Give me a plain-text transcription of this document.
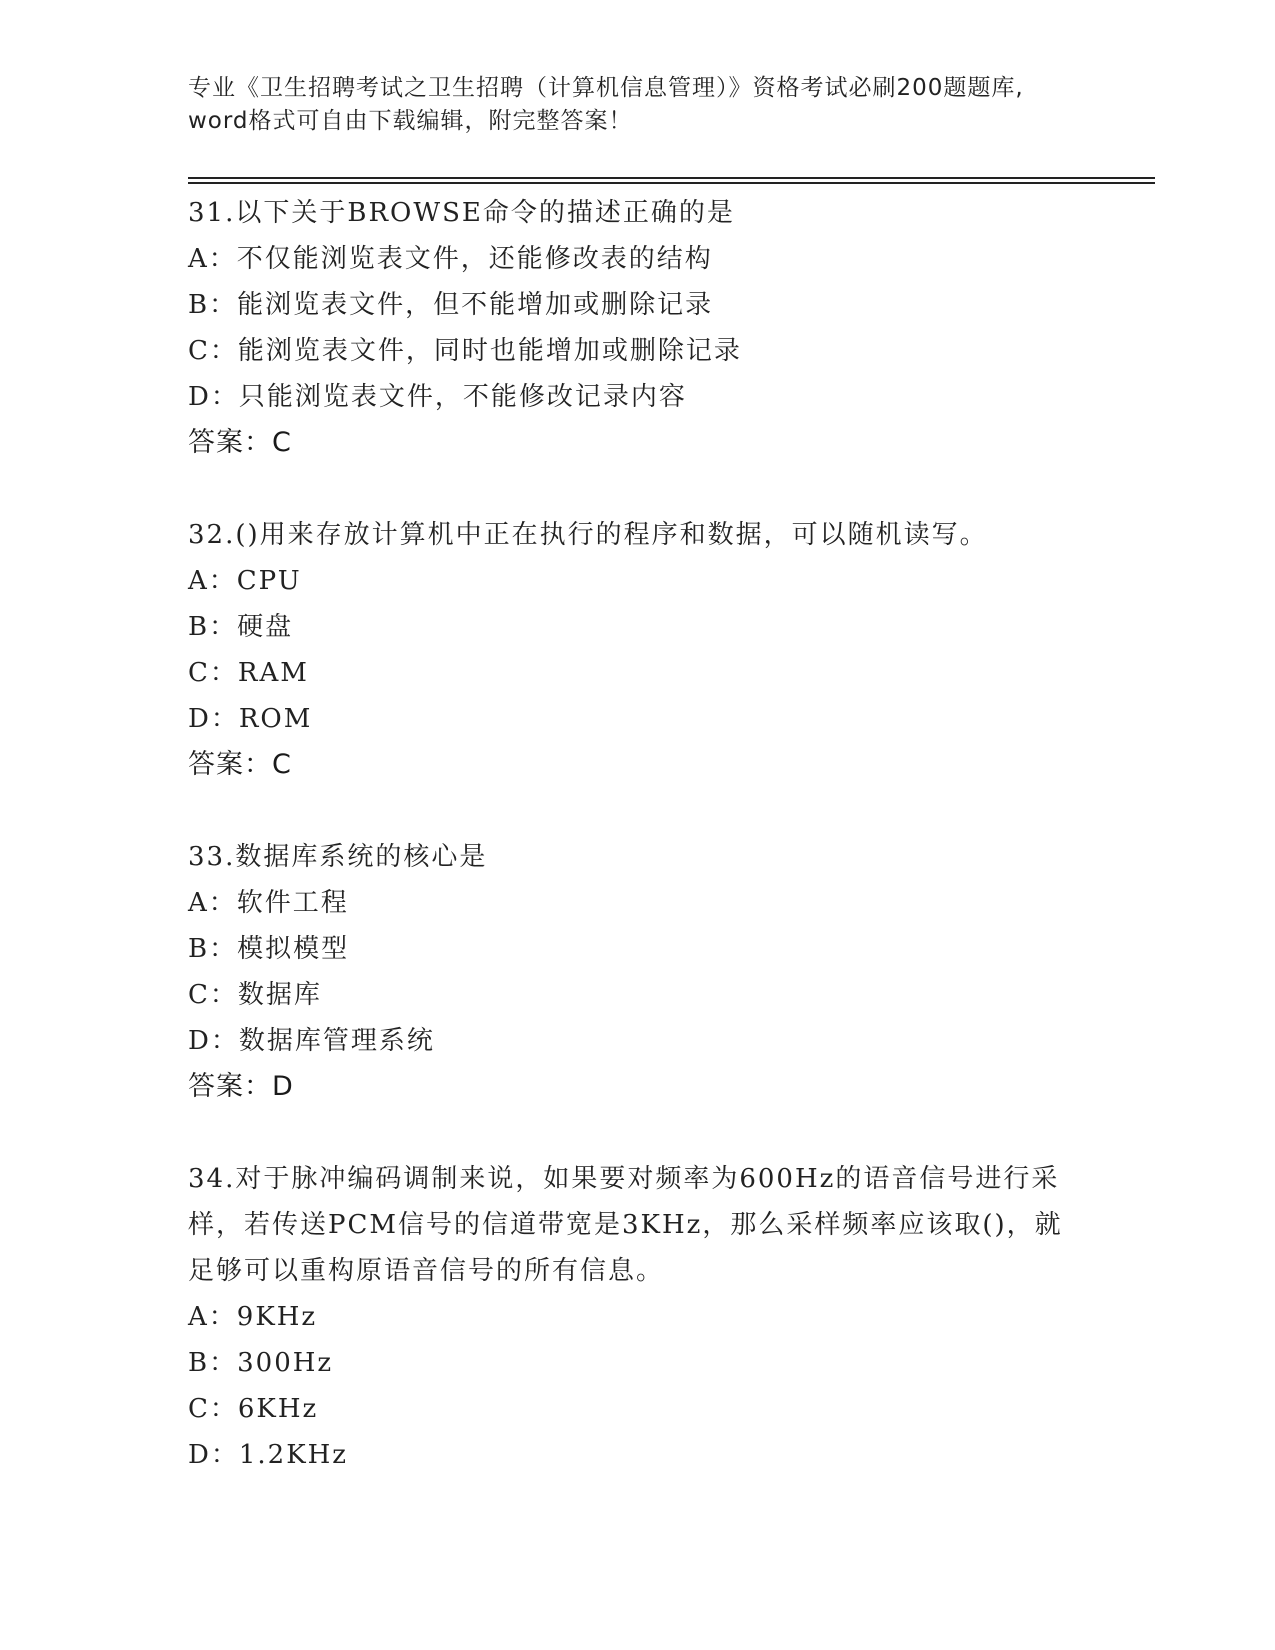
专业《卫生招聘考试之卫生招聘（计算机信息管理）》资格考试必刷200题题库,
word格式可自由下载编辑，附完整答案！
31.以下关于BROWSE命令的描述正确的是
A：不仅能浏览表文件，还能修改表的结构
B：能浏览表文件，但不能增加或删除记录
C：能浏览表文件，同时也能增加或删除记录
D：只能浏览表文件，不能修改记录内容
答案：C
32.()用来存放计算机中正在执行的程序和数据，可以随机读写。
A：CPU
B：硬盘
C：RAM
D：ROM
答案：C
33.数据库系统的核心是
A：软件工程
B：模拟模型
C：数据库
D：数据库管理系统
答案：D
34.对于脉冲编码调制来说，如果要对频率为600Hz的语音信号进行采
样，若传送PCM信号的信道带宽是3KHz，那么采样频率应该取()，就
足够可以重构原语音信号的所有信息。
A：9KHz
B：300Hz
C：6KHz
D：1.2KHz
